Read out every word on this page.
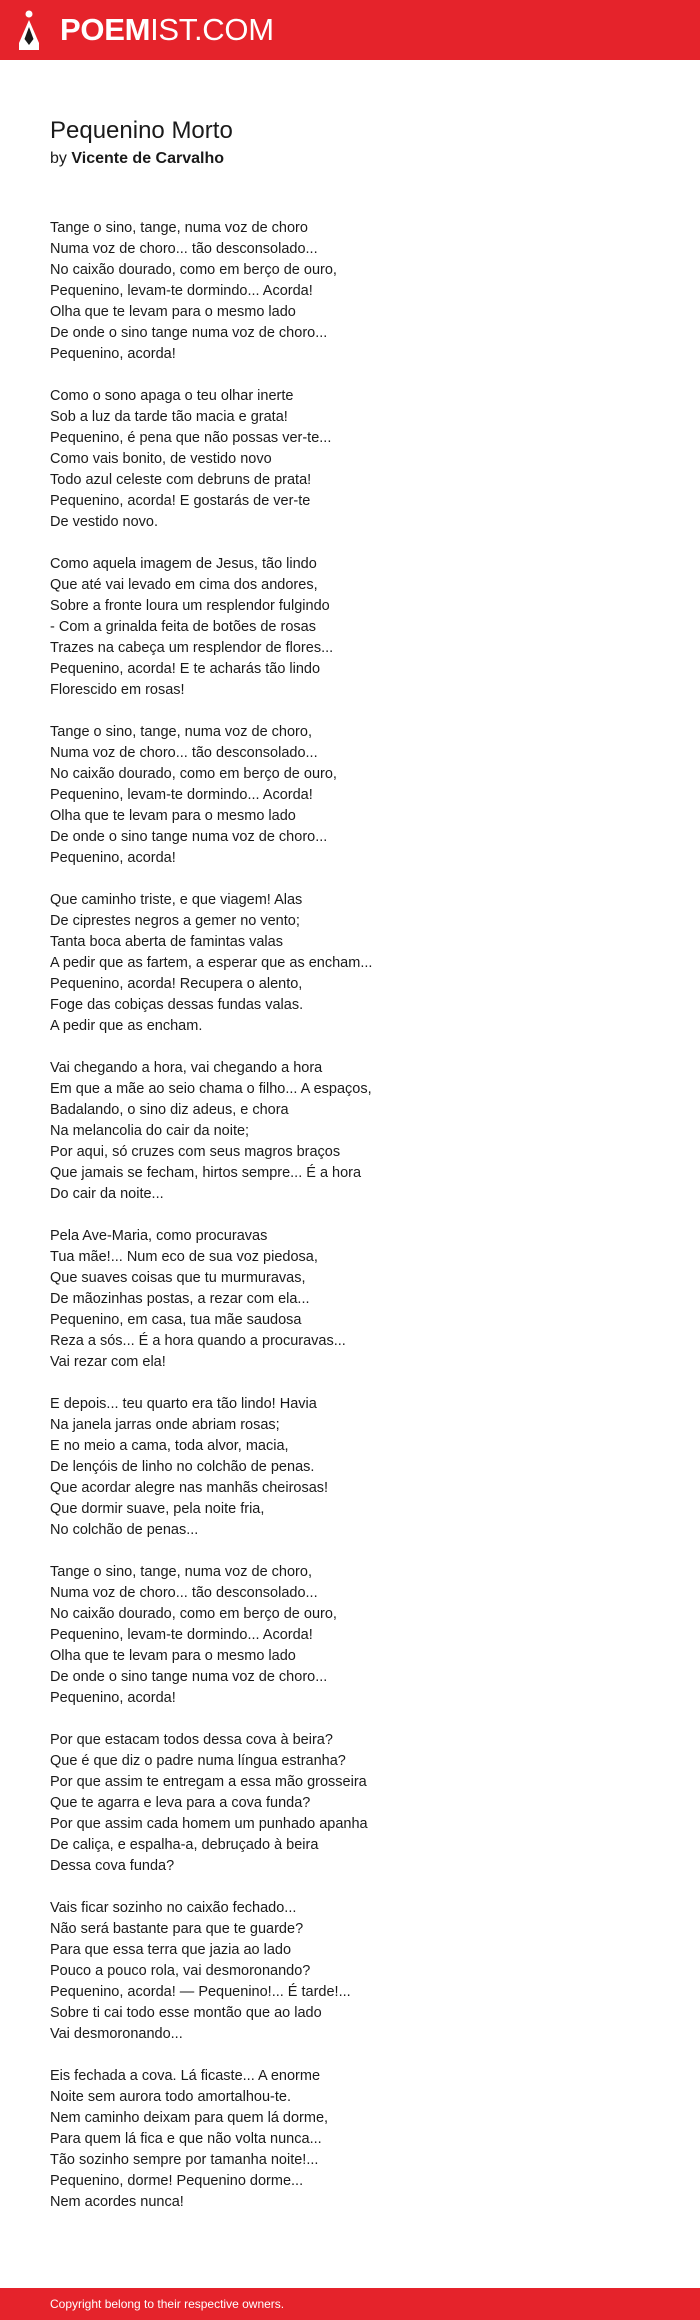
POEMIST.COM
Pequenino Morto
by Vicente de Carvalho
Tange o sino, tange, numa voz de choro
Numa voz de choro... tão desconsolado...
No caixão dourado, como em berço de ouro,
Pequenino, levam-te dormindo... Acorda!
Olha que te levam para o mesmo lado
De onde o sino tange numa voz de choro...
Pequenino, acorda!
Como o sono apaga o teu olhar inerte
Sob a luz da tarde tão macia e grata!
Pequenino, é pena que não possas ver-te...
Como vais bonito, de vestido novo
Todo azul celeste com debruns de prata!
Pequenino, acorda! E gostarás de ver-te
De vestido novo.
Como aquela imagem de Jesus, tão lindo
Que até vai levado em cima dos andores,
Sobre a fronte loura um resplendor fulgindo
- Com a grinalda feita de botões de rosas
Trazes na cabeça um resplendor de flores...
Pequenino, acorda! E te acharás tão lindo
Florescido em rosas!
Tange o sino, tange, numa voz de choro,
Numa voz de choro... tão desconsolado...
No caixão dourado, como em berço de ouro,
Pequenino, levam-te dormindo... Acorda!
Olha que te levam para o mesmo lado
De onde o sino tange numa voz de choro...
Pequenino, acorda!
Que caminho triste, e que viagem! Alas
De ciprestes negros a gemer no vento;
Tanta boca aberta de famintas valas
A pedir que as fartem, a esperar que as encham...
Pequenino, acorda! Recupera o alento,
Foge das cobiças dessas fundas valas.
A pedir que as encham.
Vai chegando a hora, vai chegando a hora
Em que a mãe ao seio chama o filho... A espaços,
Badalando, o sino diz adeus, e chora
Na melancolia do cair da noite;
Por aqui, só cruzes com seus magros braços
Que jamais se fecham, hirtos sempre... É a hora
Do cair da noite...
Pela Ave-Maria, como procuravas
Tua mãe!... Num eco de sua voz piedosa,
Que suaves coisas que tu murmuravas,
De mãozinhas postas, a rezar com ela...
Pequenino, em casa, tua mãe saudosa
Reza a sós... É a hora quando a procuravas...
Vai rezar com ela!
E depois... teu quarto era tão lindo! Havia
Na janela jarras onde abriam rosas;
E no meio a cama, toda alvor, macia,
De lençóis de linho no colchão de penas.
Que acordar alegre nas manhãs cheirosas!
Que dormir suave, pela noite fria,
No colchão de penas...
Tange o sino, tange, numa voz de choro,
Numa voz de choro... tão desconsolado...
No caixão dourado, como em berço de ouro,
Pequenino, levam-te dormindo... Acorda!
Olha que te levam para o mesmo lado
De onde o sino tange numa voz de choro...
Pequenino, acorda!
Por que estacam todos dessa cova à beira?
Que é que diz o padre numa língua estranha?
Por que assim te entregam a essa mão grosseira
Que te agarra e leva para a cova funda?
Por que assim cada homem um punhado apanha
De caliça, e espalha-a, debruçado à beira
Dessa cova funda?
Vais ficar sozinho no caixão fechado...
Não será bastante para que te guarde?
Para que essa terra que jazia ao lado
Pouco a pouco rola, vai desmoronando?
Pequenino, acorda! — Pequenino!... É tarde!...
Sobre ti cai todo esse montão que ao lado
Vai desmoronando...
Eis fechada a cova. Lá ficaste... A enorme
Noite sem aurora todo amortalhou-te.
Nem caminho deixam para quem lá dorme,
Para quem lá fica e que não volta nunca...
Tão sozinho sempre por tamanha noite!...
Pequenino, dorme! Pequenino dorme...
Nem acordes nunca!
Copyright belong to their respective owners.
